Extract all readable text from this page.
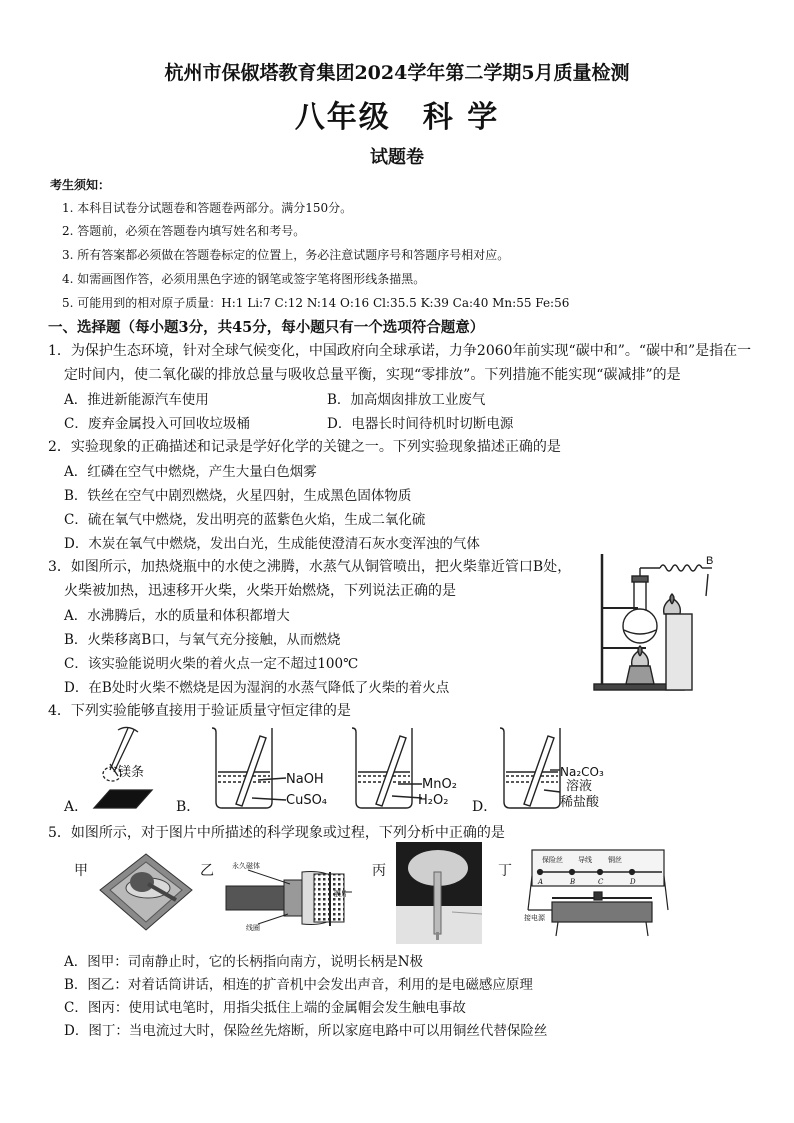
杭州市保俶塔教育集团2024学年第二学期5月质量检测
八年级　科 学
试题卷
考生须知：
1. 本科目试卷分试题卷和答题卷两部分。满分150分。
2. 答题前，必须在答题卷内填写姓名和考号。
3. 所有答案都必须做在答题卷标定的位置上，务必注意试题序号和答题序号相对应。
4. 如需画图作答，必须用黑色字迹的钢笔或签字笔将图形线条描黑。
5. 可能用到的相对原子质量：H:1 Li:7 C:12 N:14 O:16 Cl:35.5 K:39 Ca:40 Mn:55 Fe:56
一、选择题（每小题3分，共45分，每小题只有一个选项符合题意）
1．为保护生态环境，针对全球气候变化，中国政府向全球承诺，力争2060年前实现“碳中和”。“碳中和”是指在一
定时间内，使二氧化碳的排放总量与吸收总量平衡，实现“零排放”。下列措施不能实现“碳减排”的是
A．推进新能源汽车使用	B．加高烟囱排放工业废气
C．废弃金属投入可回收垃圾桶	D．电器长时间待机时切断电源
2．实验现象的正确描述和记录是学好化学的关键之一。下列实验现象描述正确的是
A．红磷在空气中燃烧，产生大量白色烟雾
B．铁丝在空气中剧烈燃烧，火星四射，生成黑色固体物质
C．硫在氧气中燃烧，发出明亮的蓝紫色火焰，生成二氧化硫
D．木炭在氧气中燃烧，发出白光，生成能使澄清石灰水变浑浊的气体
3．如图所示，加热烧瓶中的水使之沸腾，水蒸气从铜管喷出，把火柴靠近管口B处，
火柴被加热，迅速移开火柴，火柴开始燃烧，下列说法正确的是
A．水沸腾后，水的质量和体积都增大
B．火柴移离B口，与氧气充分接触，从而燃烧
C．该实验能说明火柴的着火点一定不超过100℃
D．在B处时火柴不燃烧是因为湿润的水蒸气降低了火柴的着火点
B
4．下列实验能够直接用于验证质量守恒定律的是
A．
镁条
B．
NaOH
CuSO₄
MnO₂
H₂O₂ D．
Na₂CO₃
溶液
稀盐酸
5．如图所示，对于图片中所描述的科学现象或过程，下列分析中正确的是
甲	乙	永久磁体
线圈
膜片
丙	丁
保险丝 导线 铜丝
A	B	C	D
接电源
A．图甲：司南静止时，它的长柄指向南方，说明长柄是N极
B．图乙：对着话筒讲话，相连的扩音机中会发出声音，利用的是电磁感应原理
C．图丙：使用试电笔时，用指尖抵住上端的金属帽会发生触电事故
D．图丁：当电流过大时，保险丝先熔断，所以家庭电路中可以用铜丝代替保险丝
